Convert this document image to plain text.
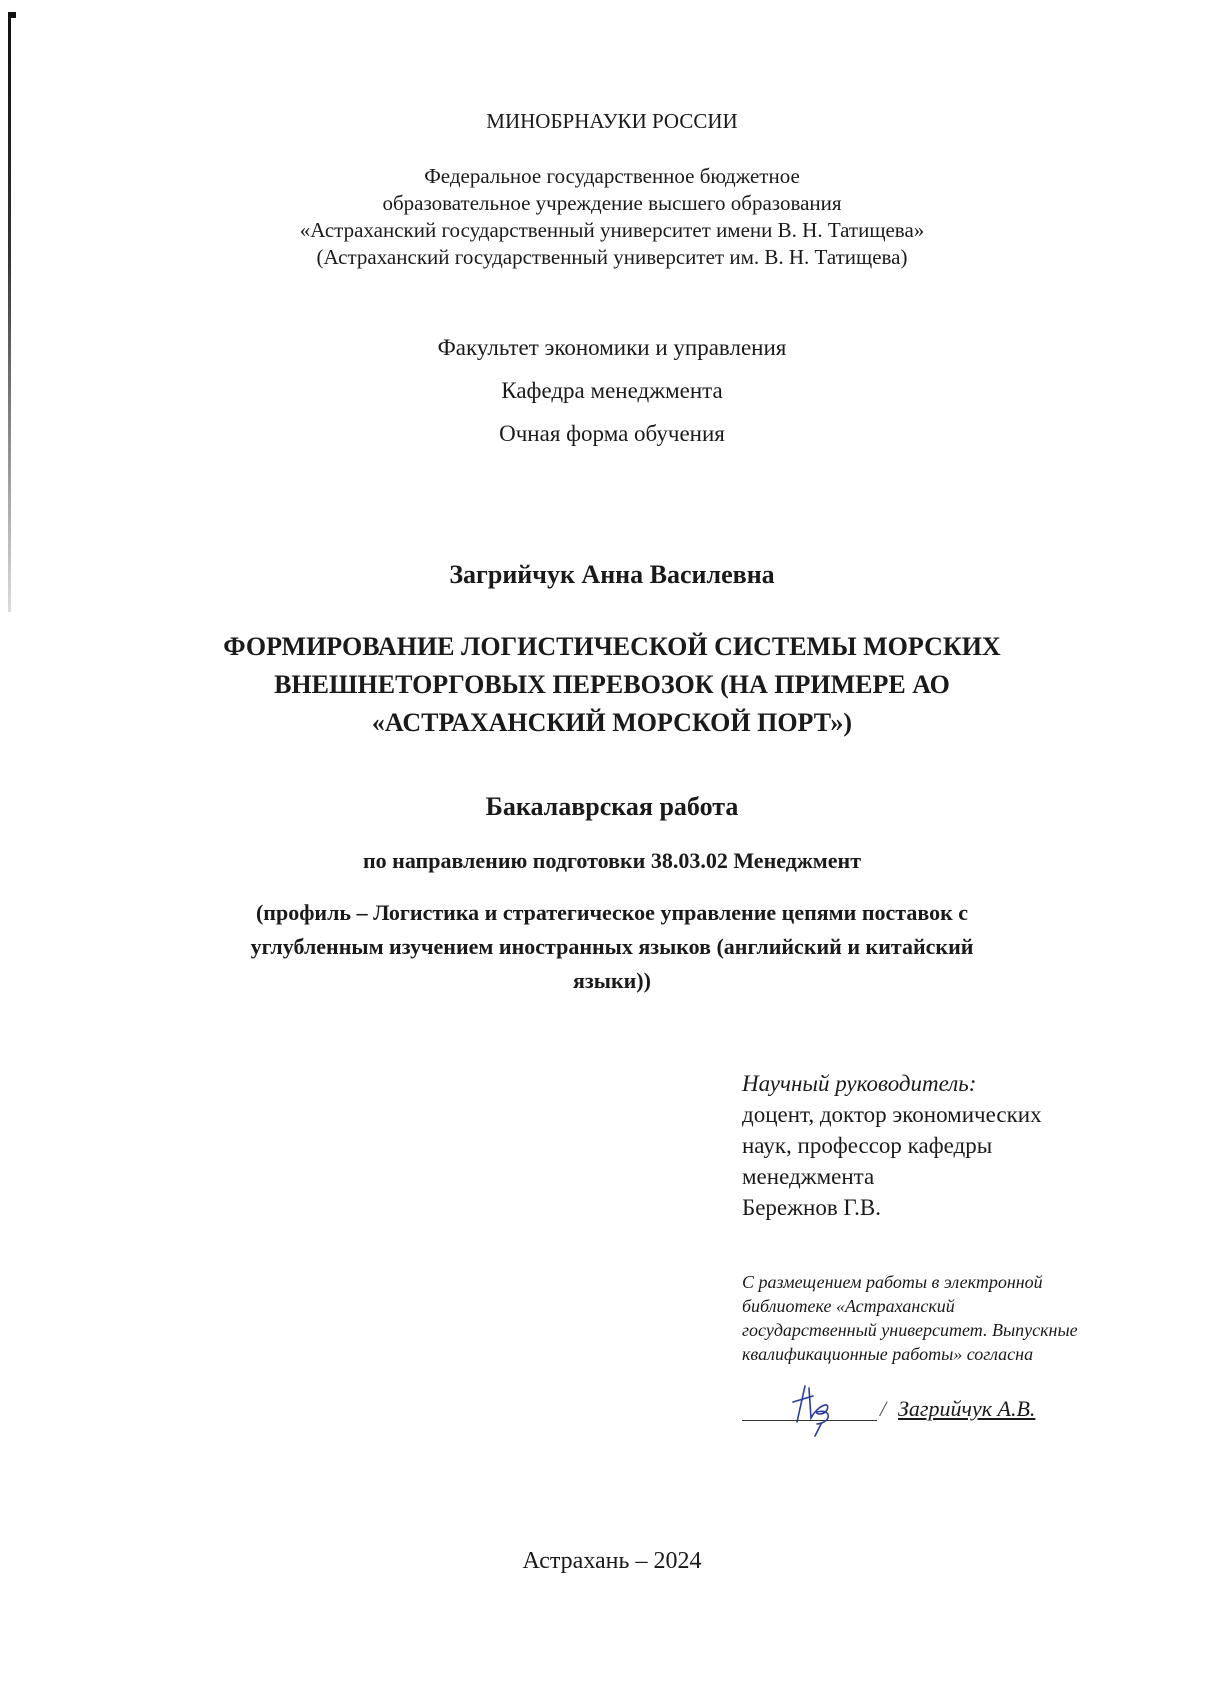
МИНОБРНАУКИ РОССИИ
Федеральное государственное бюджетное
образовательное учреждение высшего образования
«Астраханский государственный университет имени В. Н. Татищева»
(Астраханский государственный университет им. В. Н. Татищева)
Факультет экономики и управления
Кафедра менеджмента
Очная форма обучения
Загрийчук Анна Василевна
ФОРМИРОВАНИЕ ЛОГИСТИЧЕСКОЙ СИСТЕМЫ МОРСКИХ
ВНЕШНЕТОРГОВЫХ ПЕРЕВОЗОК (НА ПРИМЕРЕ АО
«АСТРАХАНСКИЙ МОРСКОЙ ПОРТ»)
Бакалаврская работа
по направлению подготовки 38.03.02 Менеджмент
(профиль – Логистика и стратегическое управление цепями поставок с
углубленным изучением иностранных языков (английский и китайский
языки))
Научный руководитель:
доцент, доктор экономических
наук, профессор кафедры
менеджмента
Бережнов Г.В.
С размещением работы в электронной
библиотеке «Астраханский
государственный университет. Выпускные
квалификационные работы» согласна
/ Загрийчук А.В.
Астрахань – 2024
